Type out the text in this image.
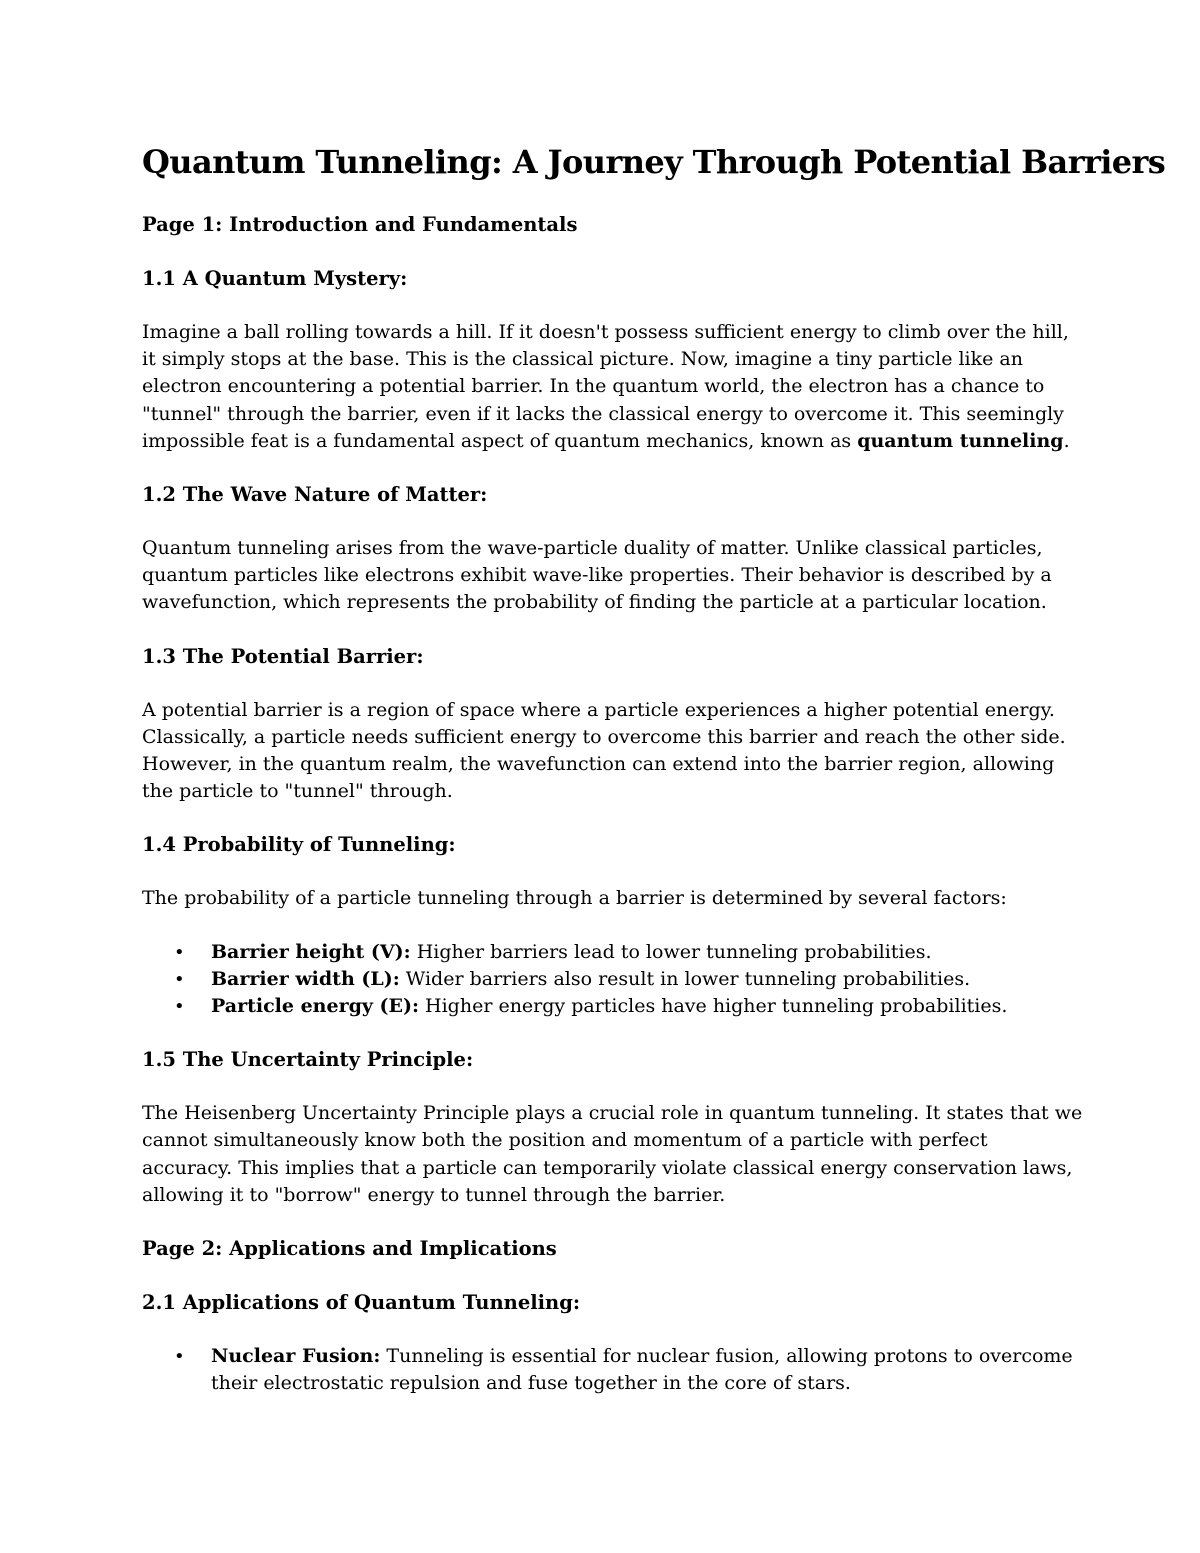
Quantum Tunneling: A Journey Through Potential Barriers
Page 1: Introduction and Fundamentals
1.1 A Quantum Mystery:
Imagine a ball rolling towards a hill. If it doesn't possess sufficient energy to climb over the hill,
it simply stops at the base. This is the classical picture. Now, imagine a tiny particle like an
electron encountering a potential barrier. In the quantum world, the electron has a chance to
"tunnel" through the barrier, even if it lacks the classical energy to overcome it. This seemingly
impossible feat is a fundamental aspect of quantum mechanics, known as quantum tunneling.
1.2 The Wave Nature of Matter:
Quantum tunneling arises from the wave-particle duality of matter. Unlike classical particles,
quantum particles like electrons exhibit wave-like properties. Their behavior is described by a
wavefunction, which represents the probability of finding the particle at a particular location.
1.3 The Potential Barrier:
A potential barrier is a region of space where a particle experiences a higher potential energy.
Classically, a particle needs sufficient energy to overcome this barrier and reach the other side.
However, in the quantum realm, the wavefunction can extend into the barrier region, allowing
the particle to "tunnel" through.
1.4 Probability of Tunneling:
The probability of a particle tunneling through a barrier is determined by several factors:
• Barrier height (V): Higher barriers lead to lower tunneling probabilities.
• Barrier width (L): Wider barriers also result in lower tunneling probabilities.
• Particle energy (E): Higher energy particles have higher tunneling probabilities.
1.5 The Uncertainty Principle:
The Heisenberg Uncertainty Principle plays a crucial role in quantum tunneling. It states that we
cannot simultaneously know both the position and momentum of a particle with perfect
accuracy. This implies that a particle can temporarily violate classical energy conservation laws,
allowing it to "borrow" energy to tunnel through the barrier.
Page 2: Applications and Implications
2.1 Applications of Quantum Tunneling:
• Nuclear Fusion: Tunneling is essential for nuclear fusion, allowing protons to overcome
their electrostatic repulsion and fuse together in the core of stars.
